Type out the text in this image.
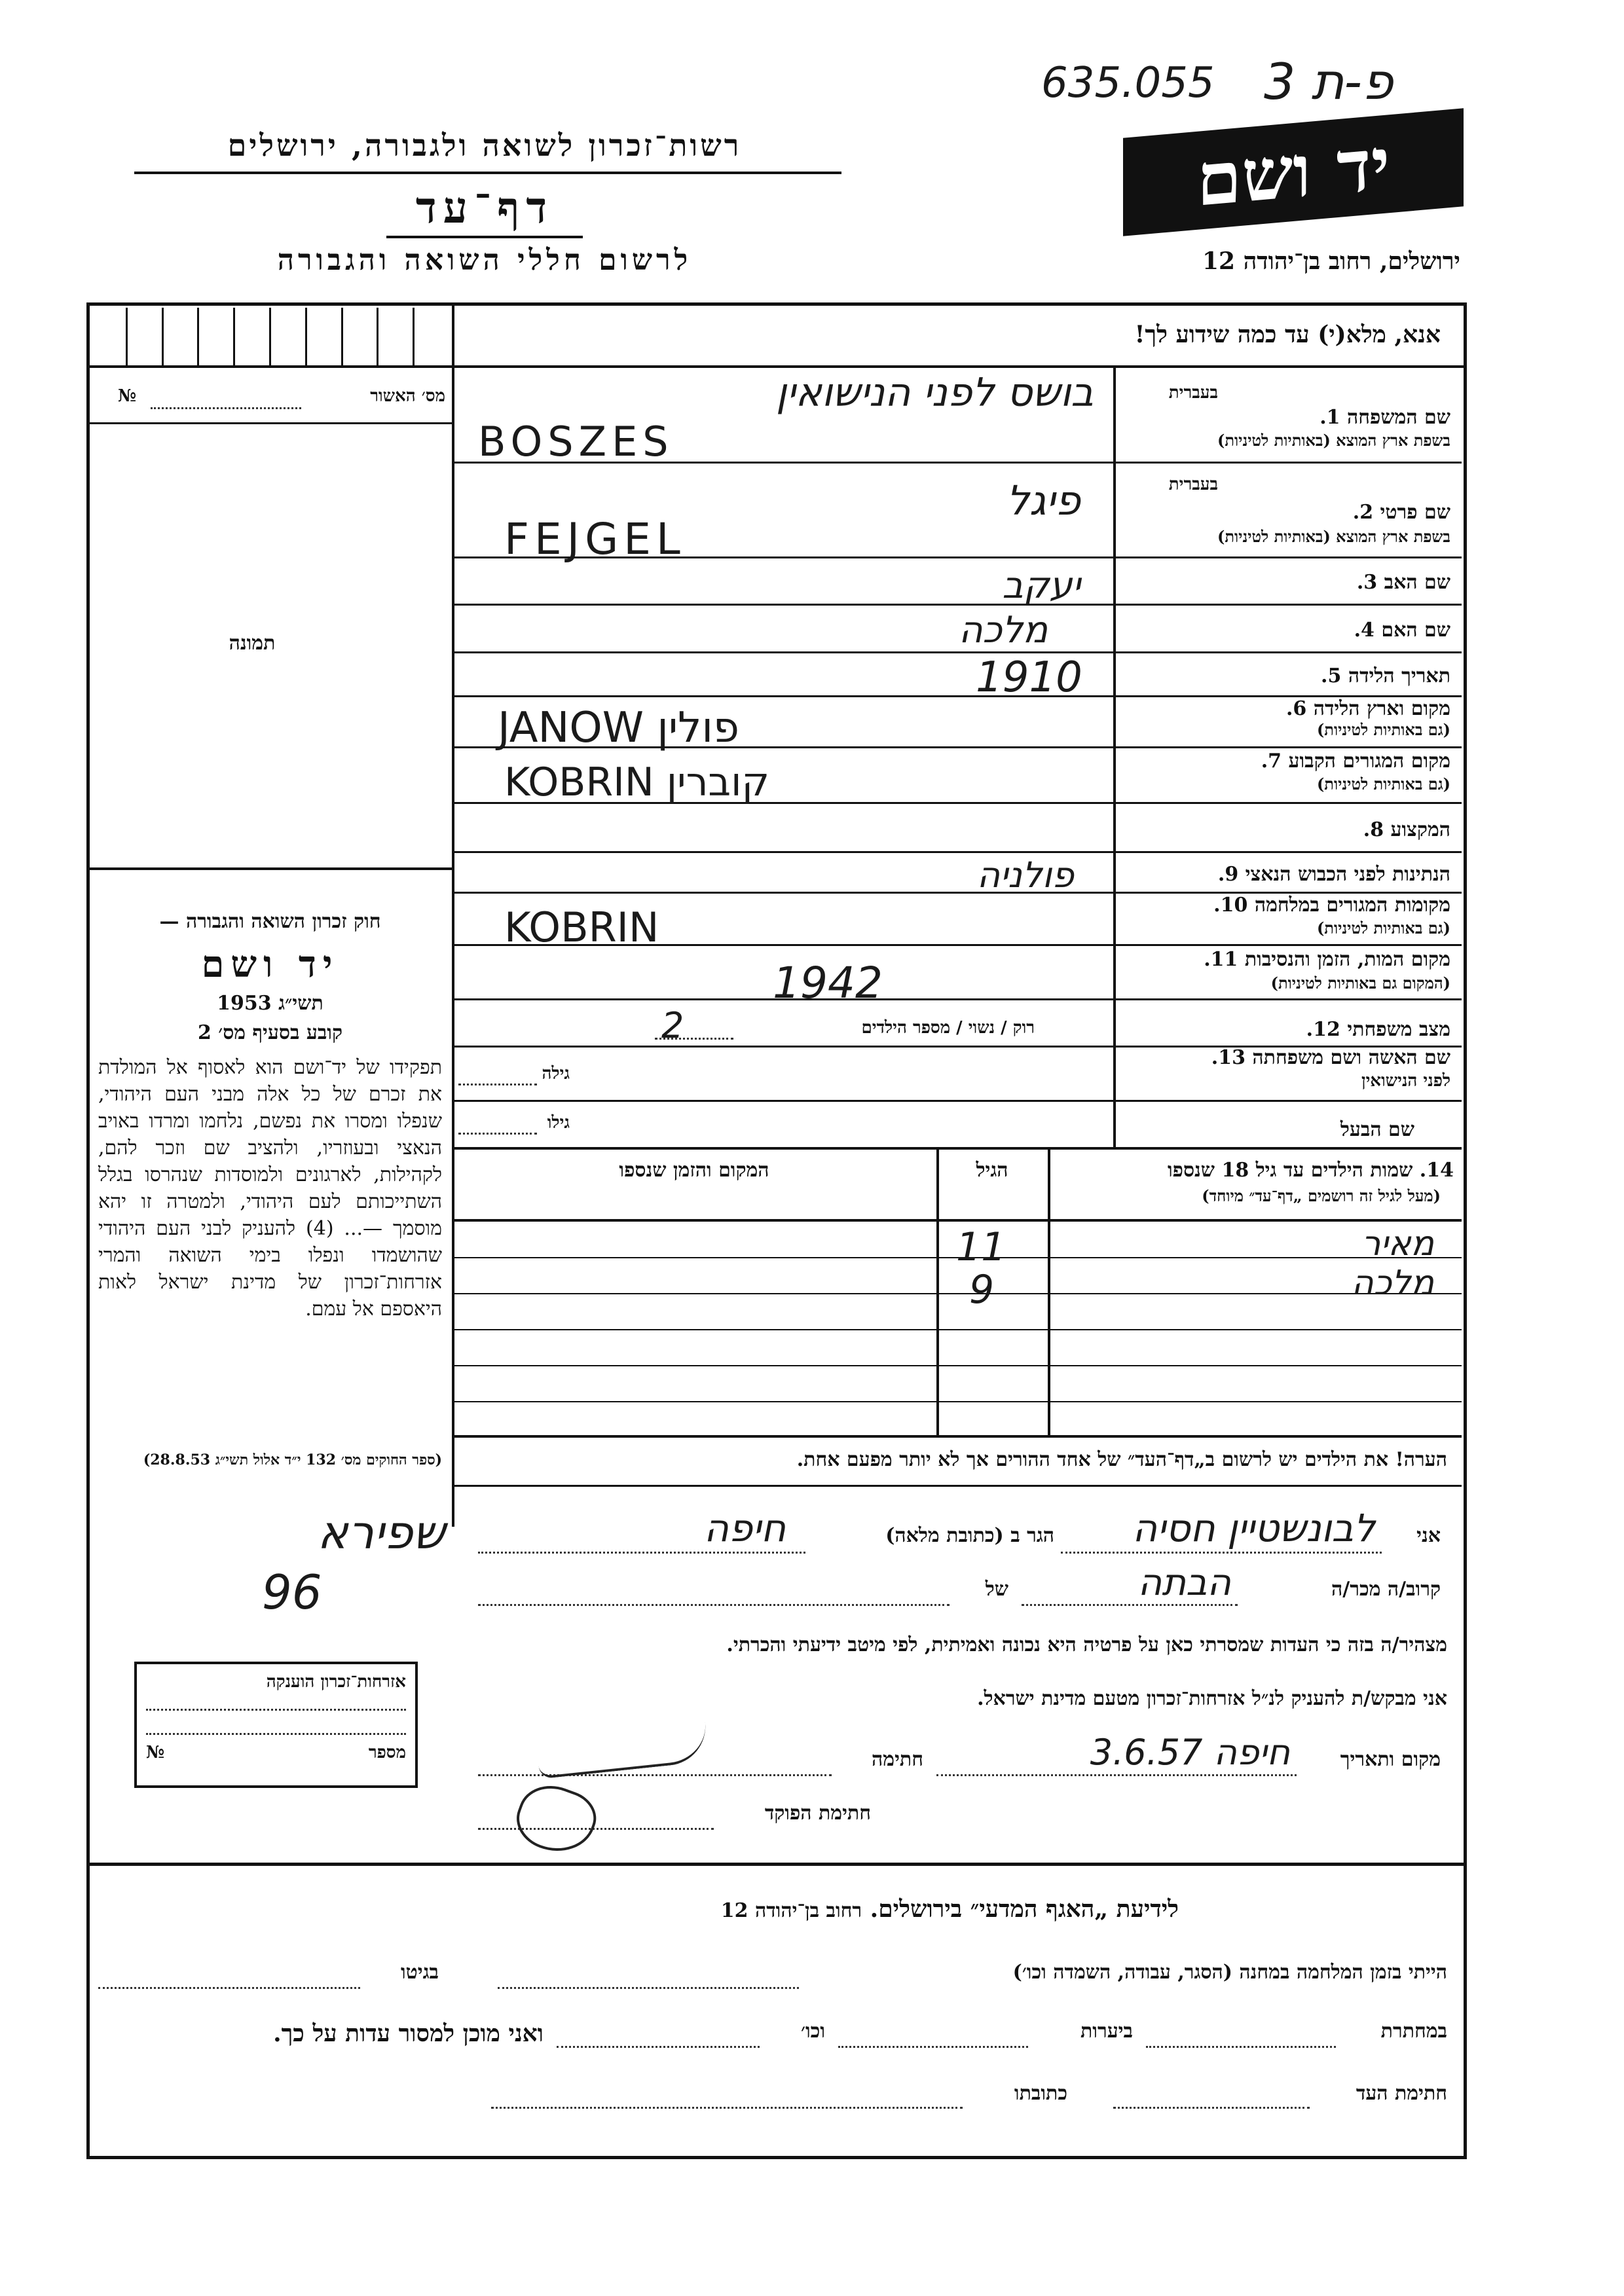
635.055 פ-ת 3
רשות־זכרון לשואה ולגבורה, ירושלים
דף־עד
לרשום חללי השואה והגבורה
יד ושם
ירושלים, רחוב בן־יהודה 12
אנא, מלא(י) עד כמה שידוע לך!
מס׳ האשור
№
תמונה
בעברית
שם המשפחה 1.
בשפת ארץ המוצא (באותיות לטיניות)
בעברית
שם פרטי 2.
בשפת ארץ המוצא (באותיות לטיניות)
שם האב 3.
שם האם 4.
תאריך הלידה 5.
מקום וארץ הלידה 6.
(גם באותיות לטיניות)
מקום המגורים הקבוע 7.
(גם באותיות לטיניות)
המקצוע 8.
הנתינות לפני הכבוש הנאצי 9.
מקומות המגורים במלחמה 10.
(גם באותיות לטיניות)
מקום המות, הזמן והנסיבות 11.
(המקום גם באותיות לטיניות)
מצב משפחתי 12.
שם האשה ושם משפחתה 13.
לפני הנישואין
שם הבעל
בושס לפני הנישואין
BOSZES
פיגל
FEJGEL
יעקב
מלכה
1910
JANOW פולין
KOBRIN קוברין
פולניה
KOBRIN
1942
רוק / נשוי / מספר הילדים
2
גילה
גילו
14. שמות הילדים עד גיל 18 שנספו
(מעל לגיל זה רושמים „דף־עד״ מיוחד)
הגיל
המקום והזמן שנספו
מאיר
11
מלכה
9
חוק זכרון השואה והגבורה —
יד ושם
תשי״ג 1953
קובע בסעיף מס׳ 2
תפקידו של יד־ושם הוא לאסוף אל המולדת את זכרם של כל אלה מבני העם היהודי, שנפלו ומסרו את נפשם, נלחמו ומרדו באויב הנאצי ובעוזריו, ולהציב שם וזכר להם, לקהילות, לארגונים ולמוסדות שנהרסו בגלל השתייכותם לעם היהודי, ולמטרה זו יהא מוסמך —... (4) להעניק לבני העם היהודי שהושמדו ונפלו בימי השואה והמרי אזרחות־זכרון של מדינת ישראל לאות היאספם אל עמם.
(ספר החוקים מס׳ 132 י״ד אלול תשי״ג 28.8.53)
שפירא
96
אזרחות־זכרון הוענקה
מספר
№
הערה! את הילדים יש לרשום ב„דף־העד״ של אחד ההורים אך לא יותר מפעם אחת.
אני
לבונשטיין חסיה
הגר ב (כתובת מלאה)
חיפה
קרוב/ה מכר/ה
הבתה
של
מצהיר/ה בזה כי העדות שמסרתי כאן על פרטיה היא נכונה ואמיתית, לפי מיטב ידיעתי והכרתי.
אני מבקש/ת להעניק לנ״ל אזרחות־זכרון מטעם מדינת ישראל.
מקום ותאריך
חיפה 3.6.57
חתימה
חתימת הפוקד
לידיעת „האגף המדעי״ בירושלים. רחוב בן־יהודה 12
הייתי בזמן המלחמה במחנה (הסגר, עבודה, השמדה וכו׳)
בגיטו
במחתרת
ביערות
וכו׳
ואני מוכן למסור עדות על כך.
חתימת העד
כתובתו
